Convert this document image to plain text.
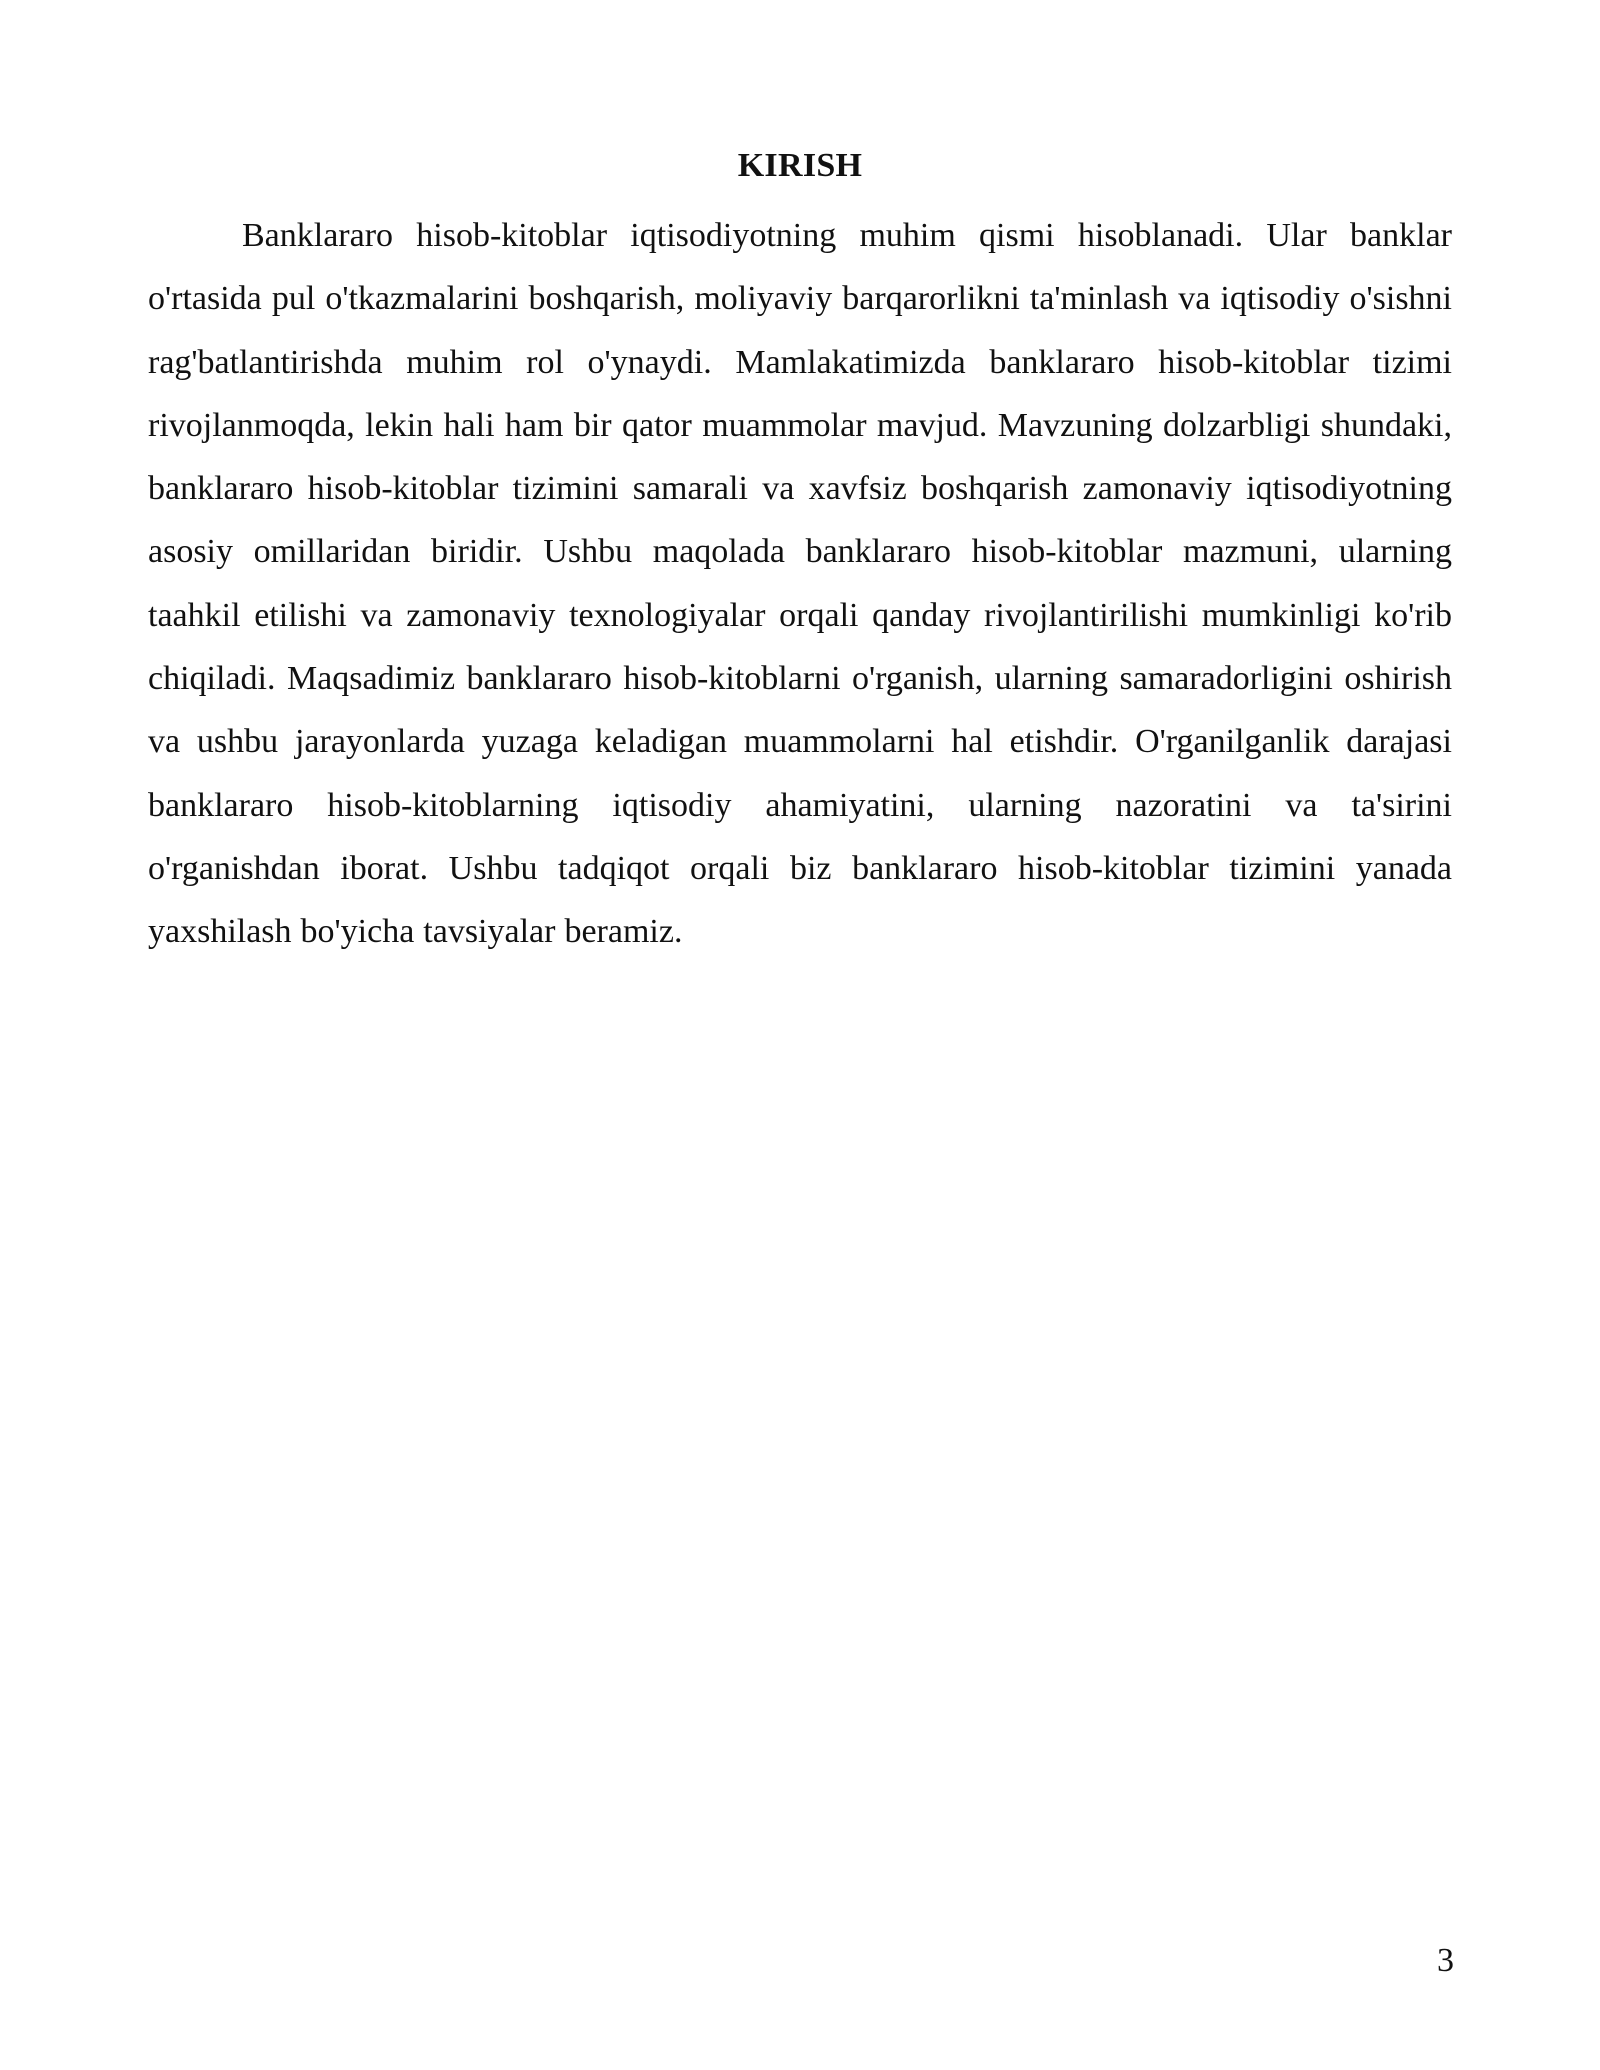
KIRISH

Banklararo hisob-kitoblar iqtisodiyotning muhim qismi hisoblanadi. Ular banklar o'rtasida pul o'tkazmalarini boshqarish, moliyaviy barqarorlikni ta'minlash va iqtisodiy o'sishni rag'batlantirishda muhim rol o'ynaydi. Mamlakatimizda banklararo hisob-kitoblar tizimi rivojlanmoqda, lekin hali ham bir qator muammolar mavjud. Mavzuning dolzarbligi shundaki, banklararo hisob-kitoblar tizimini samarali va xavfsiz boshqarish zamonaviy iqtisodiyotning asosiy omillaridan biridir. Ushbu maqolada banklararo hisob-kitoblar mazmuni, ularning taahkil etilishi va zamonaviy texnologiyalar orqali qanday rivojlantirilishi mumkinligi ko'rib chiqiladi. Maqsadimiz banklararo hisob-kitoblarni o'rganish, ularning samaradorligini oshirish va ushbu jarayonlarda yuzaga keladigan muammolarni hal etishdir. O'rganilganlik darajasi banklararo hisob-kitoblarning iqtisodiy ahamiyatini, ularning nazoratini va ta'sirini o'rganishdan iborat. Ushbu tadqiqot orqali biz banklararo hisob-kitoblar tizimini yanada yaxshilash bo'yicha tavsiyalar beramiz.

3
